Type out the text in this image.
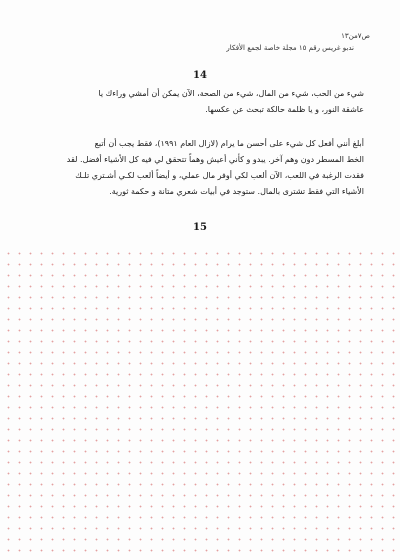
ص٧من١٣
ندبو غريس رقم ١٥ مجلة خاصة لجمع الأفكار
14
شيء من الحب، شيء من المال، شيء من الصحة، الآن يمكن أن أمشي وراءك يا
عاشقة النور، و يا ظلمة حالكة تبحث عن عكسها.
أبلغ أنني أفعل كل شيء على أحسن ما يرام (لازال العام ١٩٩١)، فقط يجب أن أتبع
الخط المسطر دون وهم آخر. يبدو و كأني أعيش وهماً تتحقق لي فيه كل الأشياء أفضل. لقد
فقدت الرغبة في اللعب، الآن ألعب لكي أوفر مال عملي، و أيضاً ألعب لكـي أشـتري تلـك
الأشياء التي فقط تشترى بالمال. ستوجد في أبيات شعري متانة و حكمة ثورية.
15
